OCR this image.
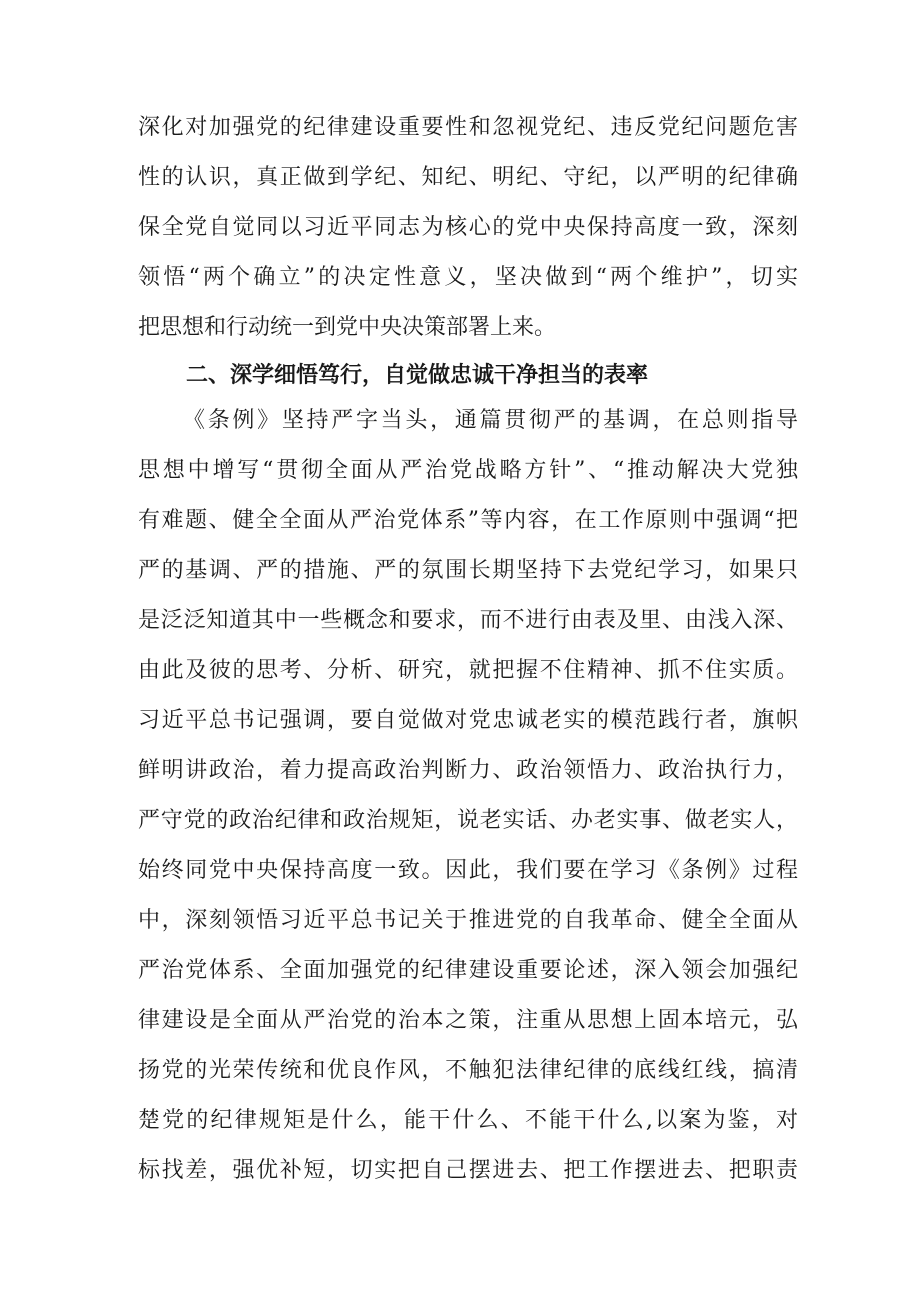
深化对加强党的纪律建设重要性和忽视党纪、违反党纪问题危害
性的认识，真正做到学纪、知纪、明纪、守纪，以严明的纪律确
保全党自觉同以习近平同志为核心的党中央保持高度一致，深刻
领悟“两个确立”的决定性意义，坚决做到“两个维护”，切实
把思想和行动统一到党中央决策部署上来。
二、深学细悟笃行，自觉做忠诚干净担当的表率
《条例》坚持严字当头，通篇贯彻严的基调，在总则指导
思想中增写“贯彻全面从严治党战略方针”、“推动解决大党独
有难题、健全全面从严治党体系”等内容，在工作原则中强调“把
严的基调、严的措施、严的氛围长期坚持下去党纪学习，如果只
是泛泛知道其中一些概念和要求，而不进行由表及里、由浅入深、
由此及彼的思考、分析、研究，就把握不住精神、抓不住实质。
习近平总书记强调，要自觉做对党忠诚老实的模范践行者，旗帜
鲜明讲政治，着力提高政治判断力、政治领悟力、政治执行力，
严守党的政治纪律和政治规矩，说老实话、办老实事、做老实人，
始终同党中央保持高度一致。因此，我们要在学习《条例》过程
中，深刻领悟习近平总书记关于推进党的自我革命、健全全面从
严治党体系、全面加强党的纪律建设重要论述，深入领会加强纪
律建设是全面从严治党的治本之策，注重从思想上固本培元，弘
扬党的光荣传统和优良作风，不触犯法律纪律的底线红线，搞清
楚党的纪律规矩是什么，能干什么、不能干什么,以案为鉴，对
标找差，强优补短，切实把自己摆进去、把工作摆进去、把职责
